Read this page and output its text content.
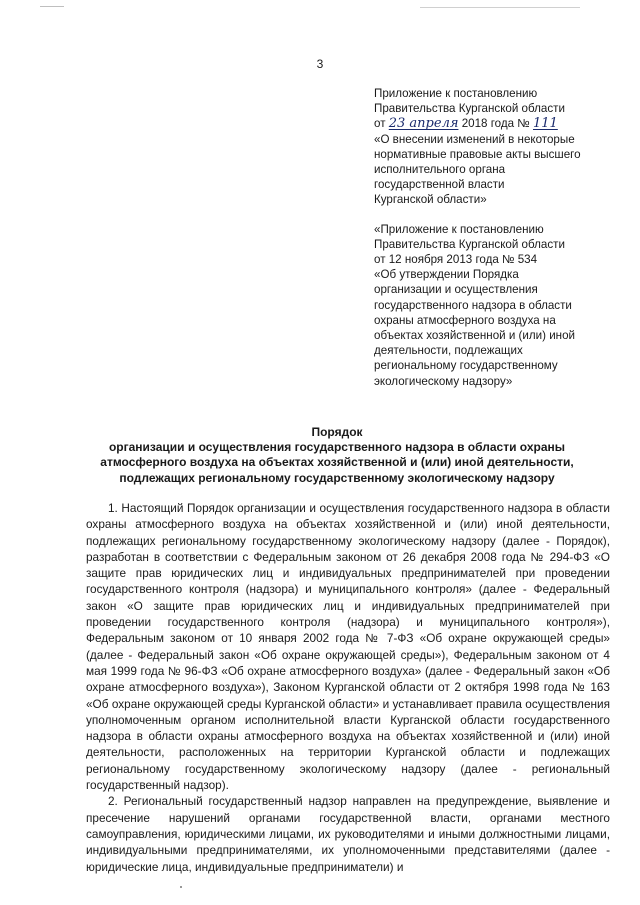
3
Приложение к постановлению
Правительства Курганской области
от 23 апреля 2018 года № 111
«О внесении изменений в некоторые
нормативные правовые акты высшего
исполнительного органа
государственной власти
Курганской области»
«Приложение к постановлению
Правительства Курганской области
от 12 ноября 2013 года № 534
«Об утверждении Порядка
организации и осуществления
государственного надзора в области
охраны атмосферного воздуха на
объектах хозяйственной и (или) иной
деятельности, подлежащих
региональному государственному
экологическому надзору»
Порядок
организации и осуществления государственного надзора в области охраны
атмосферного воздуха на объектах хозяйственной и (или) иной деятельности,
подлежащих региональному государственному экологическому надзору

1. Настоящий Порядок организации и осуществления государственного надзора в области охраны атмосферного воздуха на объектах хозяйственной и (или) иной деятельности, подлежащих региональному государственному экологическому надзору (далее - Порядок), разработан в соответствии с Федеральным законом от 26 декабря 2008 года № 294-ФЗ «О защите прав юридических лиц и индивидуальных предпринимателей при проведении государственного контроля (надзора) и муниципального контроля» (далее - Федеральный закон «О защите прав юридических лиц и индивидуальных предпринимателей при проведении государственного контроля (надзора) и муниципального контроля»), Федеральным законом от 10 января 2002 года № 7-ФЗ «Об охране окружающей среды» (далее - Федеральный закон «Об охране окружающей среды»), Федеральным законом от 4 мая 1999 года № 96-ФЗ «Об охране атмосферного воздуха» (далее - Федеральный закон «Об охране атмосферного воздуха»), Законом Курганской области от 2 октября 1998 года № 163 «Об охране окружающей среды Курганской области» и устанавливает правила осуществления уполномоченным органом исполнительной власти Курганской области государственного надзора в области охраны атмосферного воздуха на объектах хозяйственной и (или) иной деятельности, расположенных на территории Курганской области и подлежащих региональному государственному экологическому надзору (далее - региональный государственный надзор).

2. Региональный государственный надзор направлен на предупреждение, выявление и пресечение нарушений органами государственной власти, органами местного самоуправления, юридическими лицами, их руководителями и иными должностными лицами, индивидуальными предпринимателями, их уполномоченными представителями (далее - юридические лица, индивидуальные предприниматели) и
